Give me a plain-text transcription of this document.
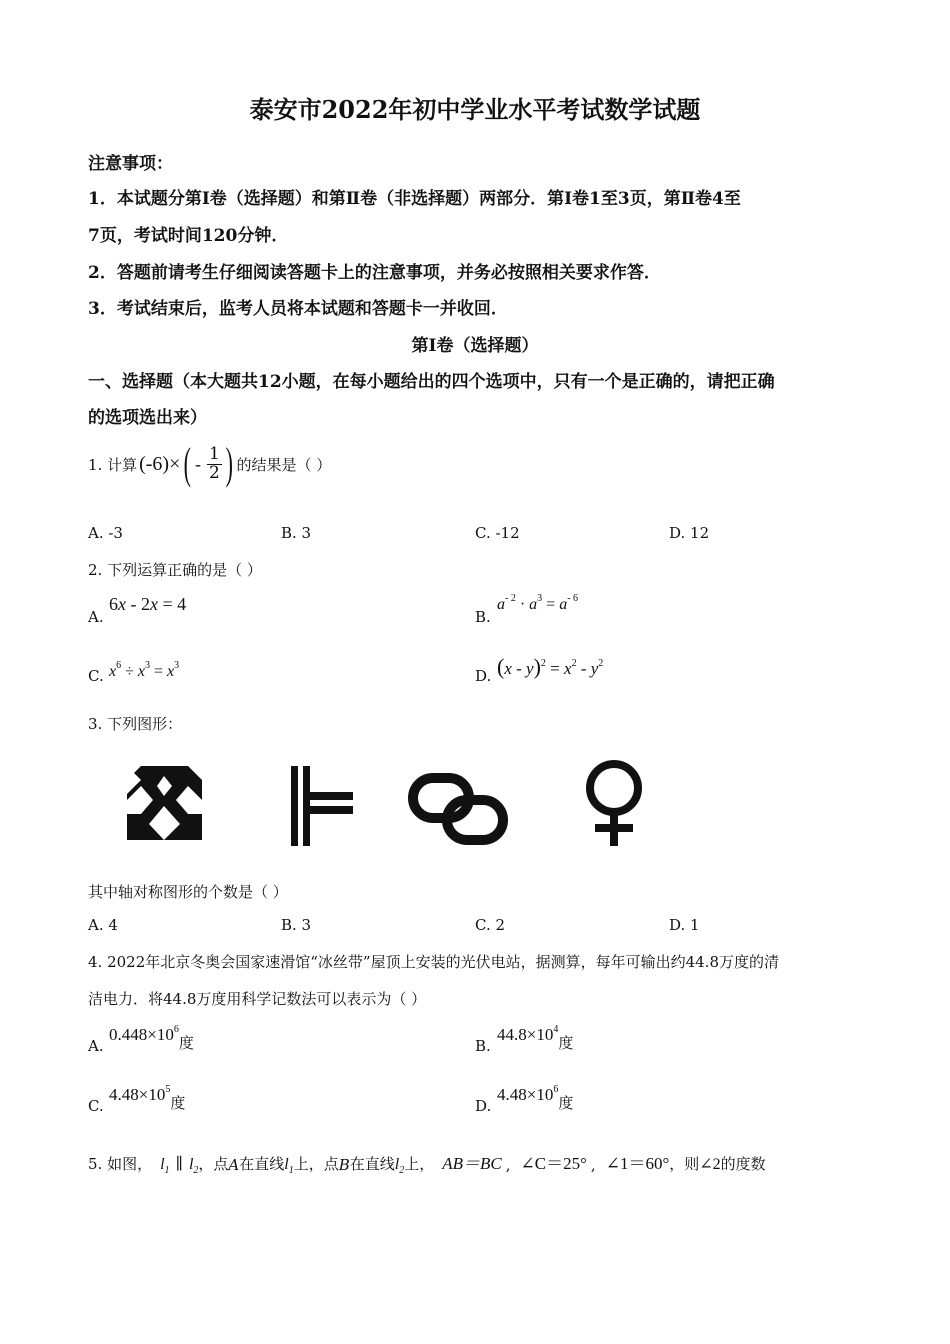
泰安市2022年初中学业水平考试数学试题
注意事项：
1．本试题分第Ⅰ卷（选择题）和第Ⅱ卷（非选择题）两部分．第Ⅰ卷1至3页，第Ⅱ卷4至
7页，考试时间120分钟．
2．答题前请考生仔细阅读答题卡上的注意事项，并务必按照相关要求作答．
3．考试结束后，监考人员将本试题和答题卡一并收回．
第Ⅰ卷（选择题）
一、选择题（本大题共12小题，在每小题给出的四个选项中，只有一个是正确的，请把正确
的选项选出来）
1. 计算 (-6)× ( - $\frac{1}{2}$ ) 的结果是（ ）
A. -3	B. 3	C. -12	D. 12
2. 下列运算正确的是（ ）
A.
6x - 2x = 4
B.
$a^{- 2} \cdot a^3 = a^{- 6}$
C. $x^6 \div x^3 = x^3$
D. $(x - y)^2 = x^2 - y^2$
3. 下列图形：
其中轴对称图形的个数是（ ）
A. 4	B. 3	C. 2	D. 1
4. 2022年北京冬奥会国家速滑馆“冰丝带”屋顶上安装的光伏电站，据测算，每年可输出约44.8万度的清
洁电力．将44.8万度用科学记数法可以表示为（ ）
A.
$0.448\times 10^6$度	B.
$44.8\times 10^4$度
C.
$4.48\times 10^5$度	D.
$4.48\times 10^6$度
5. 如图， $l_1$ ∥ $l_2$ ，点 A 在直线 $l_1$ 上，点 B 在直线 $l_2$ 上， AB＝BC , ∠C＝25° , ∠1＝60° ，则 ∠2 的度数
